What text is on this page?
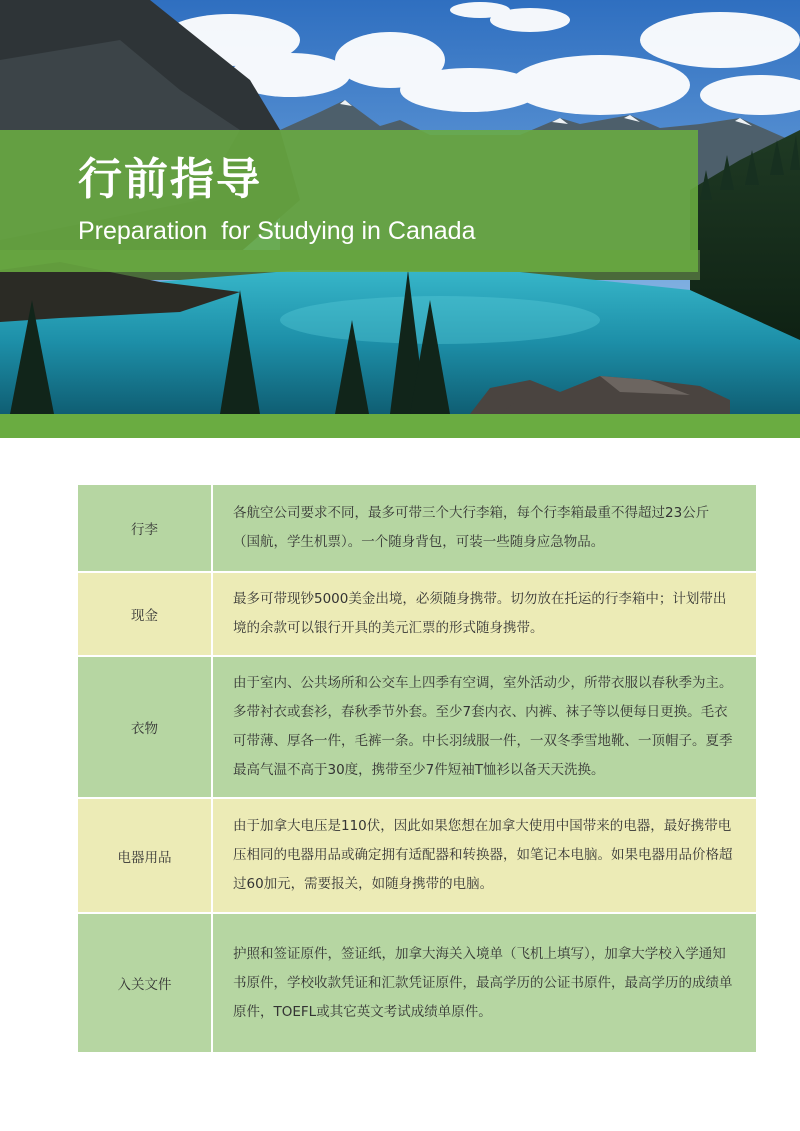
行前指导
Preparation  for Studying in Canada
行李	各航空公司要求不同，最多可带三个大行李箱，每个行李箱最重不得超过23公斤（国航，学生机票）。一个随身背包，可装一些随身应急物品。
现金	最多可带现钞5000美金出境，必须随身携带。切勿放在托运的行李箱中；计划带出境的余款可以银行开具的美元汇票的形式随身携带。
衣物	由于室内、公共场所和公交车上四季有空调，室外活动少，所带衣服以春秋季为主。多带衬衣或套衫，春秋季节外套。至少7套内衣、内裤、袜子等以便每日更换。毛衣可带薄、厚各一件，毛裤一条。中长羽绒服一件，一双冬季雪地靴、一顶帽子。夏季最高气温不高于30度，携带至少7件短袖T恤衫以备天天洗换。
电器用品	由于加拿大电压是110伏，因此如果您想在加拿大使用中国带来的电器，最好携带电压相同的电器用品或确定拥有适配器和转换器，如笔记本电脑。如果电器用品价格超过60加元，需要报关，如随身携带的电脑。
入关文件	护照和签证原件，签证纸，加拿大海关入境单（飞机上填写），加拿大学校入学通知书原件，学校收款凭证和汇款凭证原件，最高学历的公证书原件，最高学历的成绩单原件，TOEFL或其它英文考试成绩单原件。
